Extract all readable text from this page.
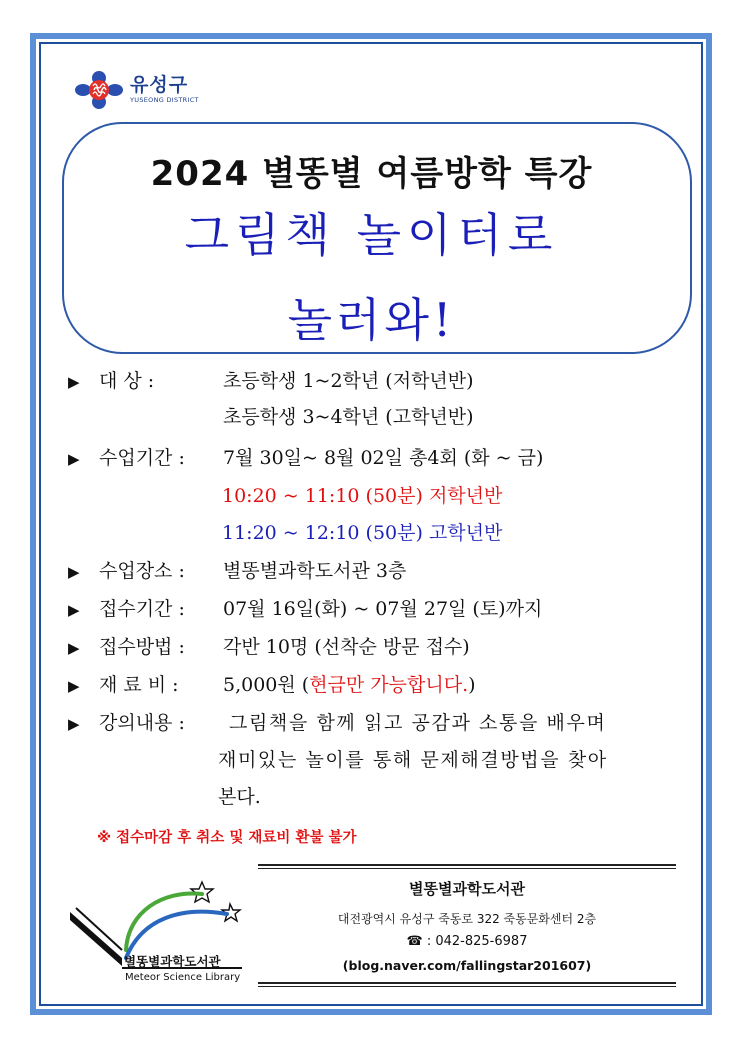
유성구
YUSEONG DISTRICT
2024 별똥별 여름방학 특강
그림책 놀이터로
놀러와!
▶ 대 상 :	초등학생 1~2학년 (저학년반)
초등학생 3~4학년 (고학년반)
▶ 수업기간 : 7월 30일~ 8월 02일 총4회 (화 ~ 금)
10:20 ~ 11:10 (50분) 저학년반
11:20 ~ 12:10 (50분) 고학년반
▶ 수업장소 : 별똥별과학도서관 3층
▶ 접수기간 : 07월 16일(화) ~ 07월 27일 (토)까지
▶ 접수방법 : 각반 10명 (선착순 방문 접수)
▶ 재 료 비 : 5,000원 (현금만 가능합니다.)
▶ 강의내용 : 그림책을 함께 읽고 공감과 소통을 배우며
재미있는 놀이를 통해 문제해결방법을 찾아
본다.
※ 접수마감 후 취소 및 재료비 환불 불가
별똥별과학도서관
Meteor Science Library
별똥별과학도서관
대전광역시 유성구 죽동로 322 죽동문화센터 2층
☎ : 042-825-6987
(blog.naver.com/fallingstar201607)
